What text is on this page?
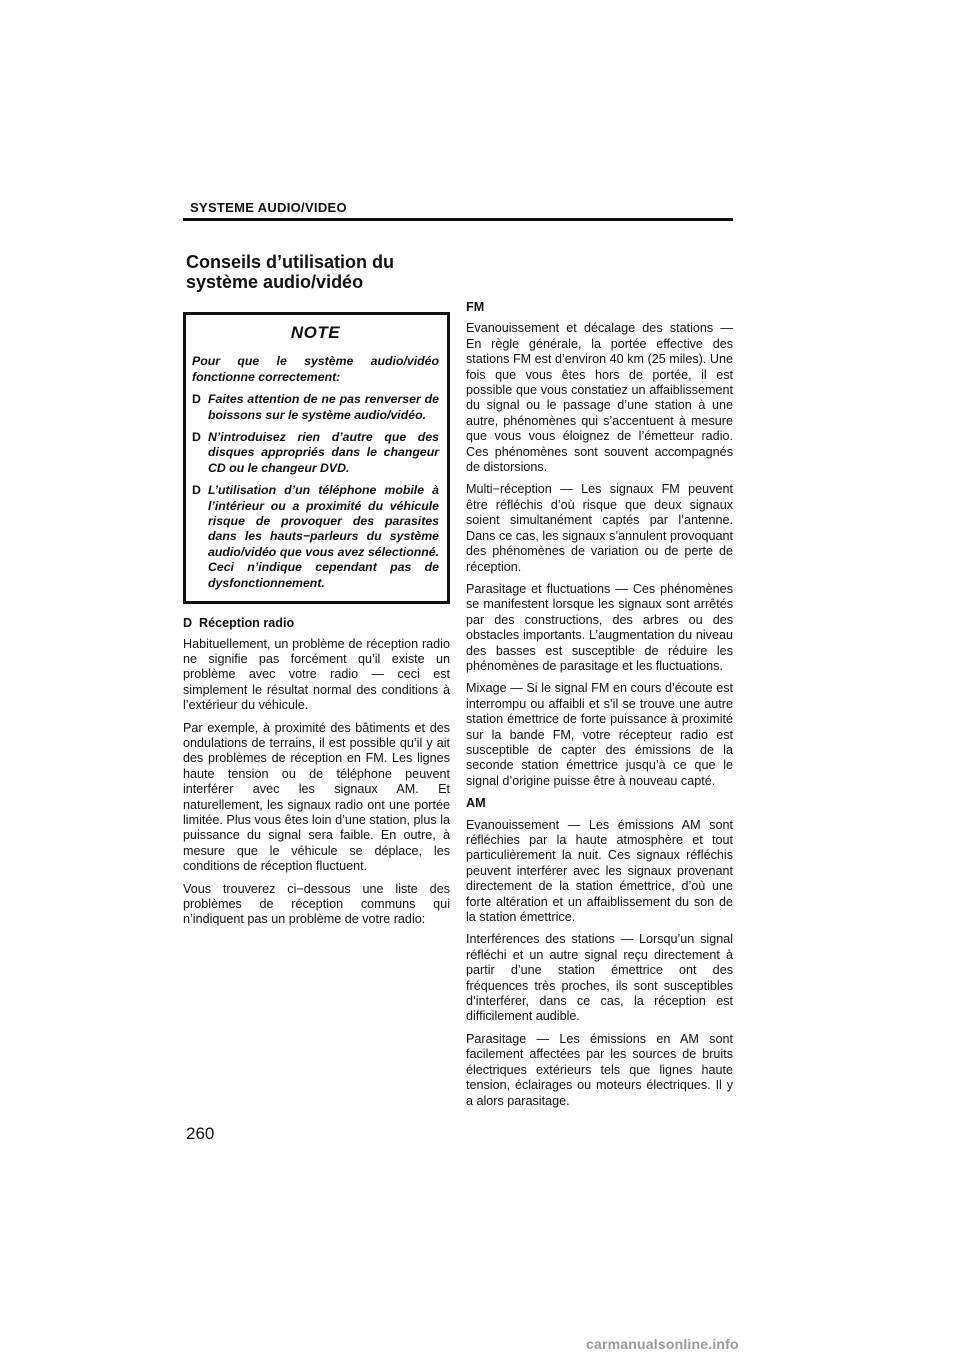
SYSTEME AUDIO/VIDEO
Conseils d’utilisation du
système audio/vidéo
NOTE

Pour que le système audio/vidéo fonctionne correctement:

D Faites attention de ne pas renverser de boissons sur le système audio/vidéo.
D N’introduisez rien d’autre que des disques appropriés dans le changeur CD ou le changeur DVD.
D L’utilisation d’un téléphone mobile à l’intérieur ou a proximité du véhicule risque de provoquer des parasites dans les hauts−parleurs du système audio/vidéo que vous avez sélectionné. Ceci n’indique cependant pas de dysfonctionnement.
D Réception radio

Habituellement, un problème de réception radio ne signifie pas forcément qu’il existe un problème avec votre radio — ceci est simplement le résultat normal des conditions à l’extérieur du véhicule.

Par exemple, à proximité des bâtiments et des ondulations de terrains, il est possible qu’il y ait des problèmes de réception en FM. Les lignes haute tension ou de téléphone peuvent interférer avec les signaux AM. Et naturellement, les signaux radio ont une portée limitée. Plus vous êtes loin d’une station, plus la puissance du signal sera faible. En outre, à mesure que le véhicule se déplace, les conditions de réception fluctuent.

Vous trouverez ci−dessous une liste des problèmes de réception communs qui n’indiquent pas un problème de votre radio:

FM

Evanouissement et décalage des stations — En règle générale, la portée effective des stations FM est d’environ 40 km (25 miles). Une fois que vous êtes hors de portée, il est possible que vous constatiez un affaiblissement du signal ou le passage d’une station à une autre, phénomènes qui s’accentuent à mesure que vous vous éloignez de l’émetteur radio. Ces phénomènes sont souvent accompagnés de distorsions.

Multi−réception — Les signaux FM peuvent être réfléchis d’où risque que deux signaux soient simultanément captés par l’antenne. Dans ce cas, les signaux s’annulent provoquant des phénomènes de variation ou de perte de réception.

Parasitage et fluctuations — Ces phénomènes se manifestent lorsque les signaux sont arrêtés par des constructions, des arbres ou des obstacles importants. L’augmentation du niveau des basses est susceptible de réduire les phénomènes de parasitage et les fluctuations.

Mixage — Si le signal FM en cours d’écoute est interrompu ou affaibli et s’il se trouve une autre station émettrice de forte puissance à proximité sur la bande FM, votre récepteur radio est susceptible de capter des émissions de la seconde station émettrice jusqu’à ce que le signal d’origine puisse être à nouveau capté.

AM

Evanouissement — Les émissions AM sont réfléchies par la haute atmosphère et tout particulièrement la nuit. Ces signaux réfléchis peuvent interférer avec les signaux provenant directement de la station émettrice, d’où une forte altération et un affaiblissement du son de la station émettrice.

Interférences des stations — Lorsqu’un signal réfléchi et un autre signal reçu directement à partir d’une station émettrice ont des fréquences très proches, ils sont susceptibles d’interférer, dans ce cas, la réception est difficilement audible.

Parasitage — Les émissions en AM sont facilement affectées par les sources de bruits électriques extérieurs tels que lignes haute tension, éclairages ou moteurs électriques. Il y a alors parasitage.

260
carmanualsonline.info
